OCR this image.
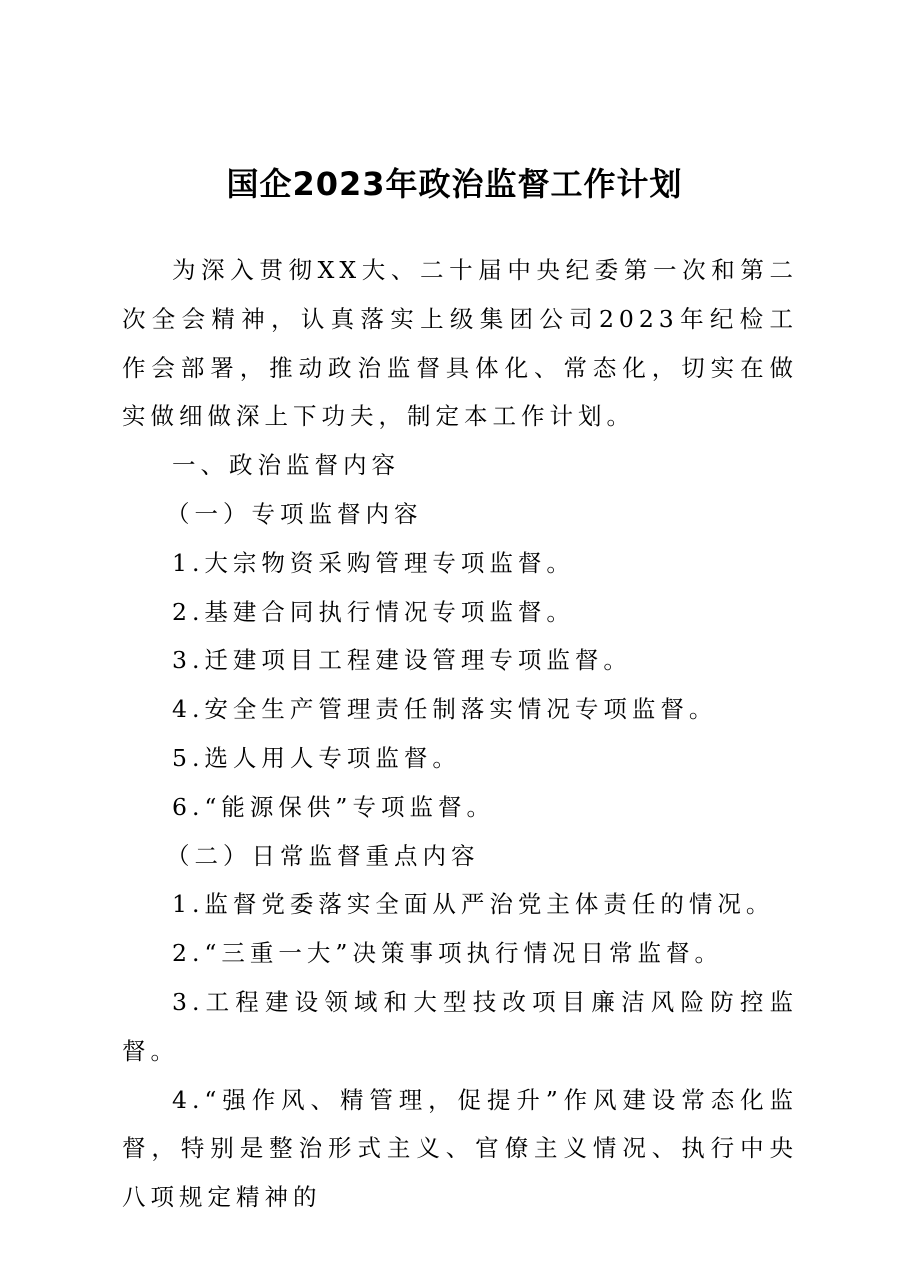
国企2023年政治监督工作计划

为深入贯彻XX大、二十届中央纪委第一次和第二次全会精神，认真落实上级集团公司2023年纪检工作会部署，推动政治监督具体化、常态化，切实在做实做细做深上下功夫，制定本工作计划。

一、政治监督内容

（一）专项监督内容

1.大宗物资采购管理专项监督。

2.基建合同执行情况专项监督。

3.迁建项目工程建设管理专项监督。

4.安全生产管理责任制落实情况专项监督。

5.选人用人专项监督。

6.“能源保供”专项监督。

（二）日常监督重点内容

1.监督党委落实全面从严治党主体责任的情况。

2.“三重一大”决策事项执行情况日常监督。

3.工程建设领域和大型技改项目廉洁风险防控监督。

4.“强作风、精管理，促提升”作风建设常态化监督，特别是整治形式主义、官僚主义情况、执行中央八项规定精神的
